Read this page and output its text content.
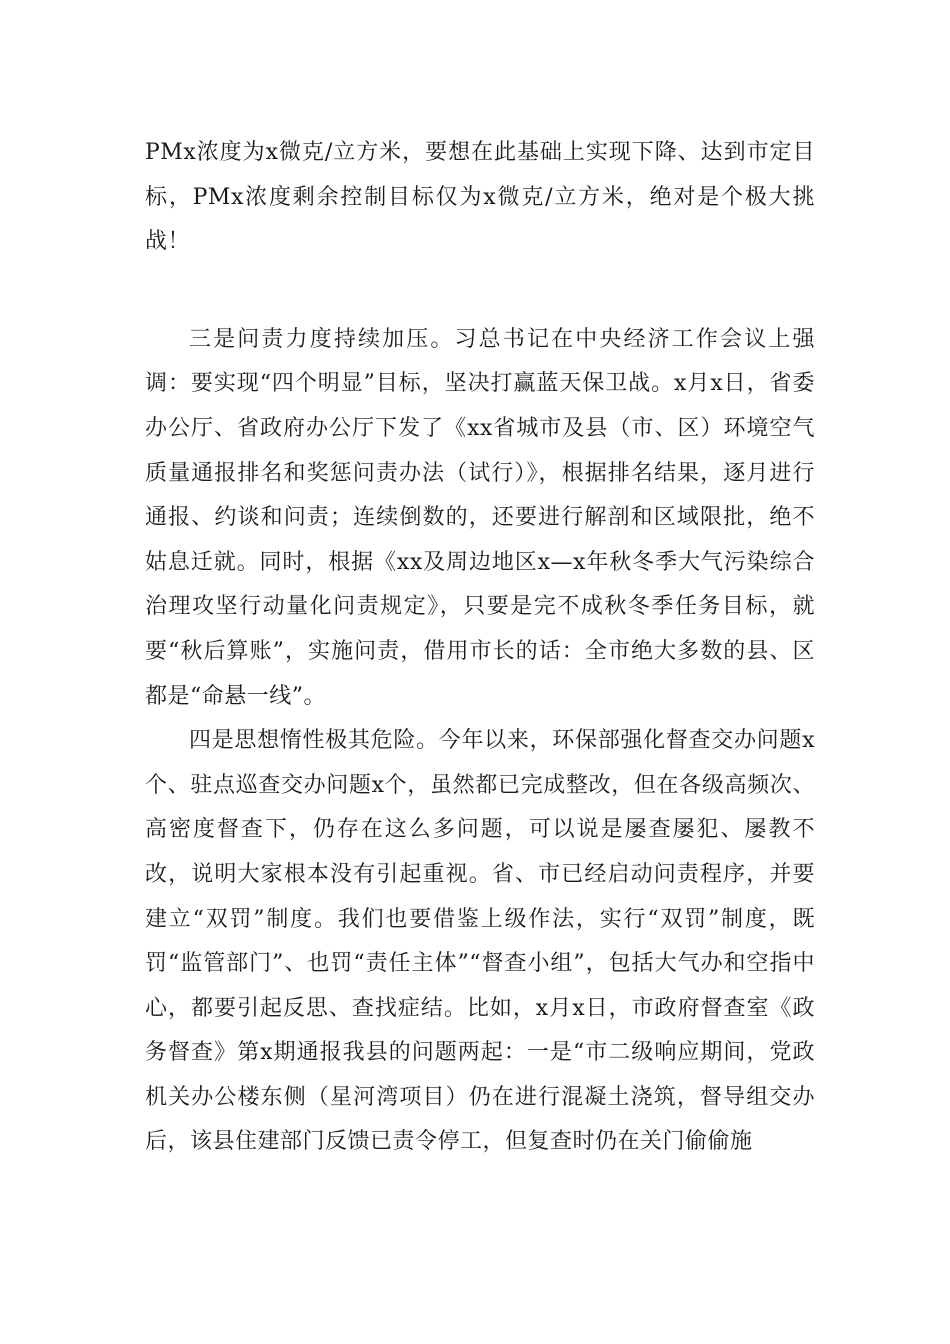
PMx浓度为x微克/立方米，要想在此基础上实现下降、达到市定目标，PMx浓度剩余控制目标仅为x微克/立方米，绝对是个极大挑战！

三是问责力度持续加压。习总书记在中央经济工作会议上强调：要实现“四个明显”目标，坚决打赢蓝天保卫战。x月x日，省委办公厅、省政府办公厅下发了《xx省城市及县（市、区）环境空气质量通报排名和奖惩问责办法（试行）》，根据排名结果，逐月进行通报、约谈和问责；连续倒数的，还要进行解剖和区域限批，绝不姑息迁就。同时，根据《xx及周边地区x—x年秋冬季大气污染综合治理攻坚行动量化问责规定》，只要是完不成秋冬季任务目标，就要“秋后算账”，实施问责，借用市长的话：全市绝大多数的县、区都是“命悬一线”。

四是思想惰性极其危险。今年以来，环保部强化督查交办问题x个、驻点巡查交办问题x个，虽然都已完成整改，但在各级高频次、高密度督查下，仍存在这么多问题，可以说是屡查屡犯、屡教不改，说明大家根本没有引起重视。省、市已经启动问责程序，并要建立“双罚”制度。我们也要借鉴上级作法，实行“双罚”制度，既罚“监管部门”、也罚“责任主体”“督查小组”，包括大气办和空指中心，都要引起反思、查找症结。比如，x月x日，市政府督查室《政务督查》第x期通报我县的问题两起：一是“市二级响应期间，党政机关办公楼东侧（星河湾项目）仍在进行混凝土浇筑，督导组交办后，该县住建部门反馈已责令停工，但复查时仍在关门偷偷施
